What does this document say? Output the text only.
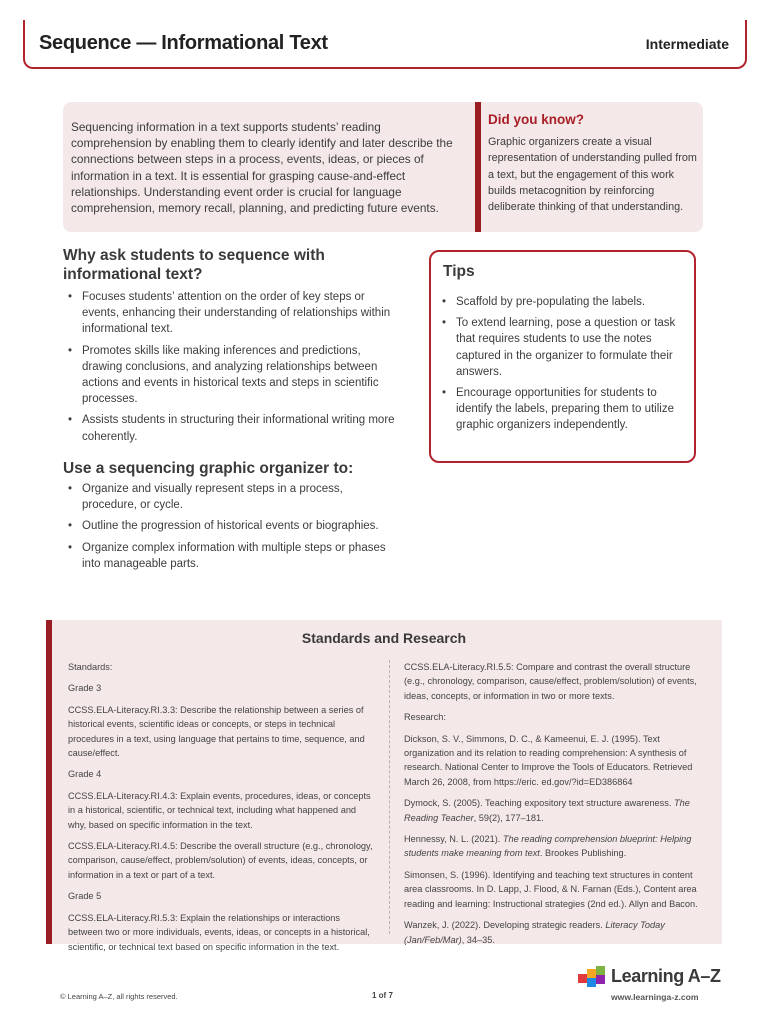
Sequence — Informational Text	Intermediate

Sequencing information in a text supports students’ reading comprehension by enabling them to clearly identify and later describe the connections between steps in a process, events, ideas, or pieces of information in a text. It is essential for grasping cause-and-effect relationships. Understanding event order is crucial for language comprehension, memory recall, planning, and predicting future events.

Did you know?

Graphic organizers create a visual representation of understanding pulled from a text, but the engagement of this work builds metacognition by reinforcing deliberate thinking of that understanding.

Why ask students to sequence with informational text?
• Focuses students’ attention on the order of key steps or events, enhancing their understanding of relationships within informational text.
• Promotes skills like making inferences and predictions, drawing conclusions, and analyzing relationships between actions and events in historical texts and steps in scientific processes.
• Assists students in structuring their informational writing more coherently.
Use a sequencing graphic organizer to:
• Organize and visually represent steps in a process, procedure, or cycle.
• Outline the progression of historical events or biographies.
• Organize complex information with multiple steps or phases into manageable parts.
Tips
• Scaffold by pre-populating the labels.
• To extend learning, pose a question or task that requires students to use the notes captured in the organizer to formulate their answers.
• Encourage opportunities for students to identify the labels, preparing them to utilize graphic organizers independently.
Standards and Research

Standards:

Grade 3

CCSS.ELA-Literacy.RI.3.3: Describe the relationship between a series of historical events, scientific ideas or concepts, or steps in technical procedures in a text, using language that pertains to time, sequence, and cause/effect.

Grade 4

CCSS.ELA-Literacy.RI.4.3: Explain events, procedures, ideas, or concepts in a historical, scientific, or technical text, including what happened and why, based on specific information in the text.

CCSS.ELA-Literacy.RI.4.5: Describe the overall structure (e.g., chronology, comparison, cause/effect, problem/solution) of events, ideas, concepts, or information in a text or part of a text.

Grade 5

CCSS.ELA-Literacy.RI.5.3: Explain the relationships or interactions between two or more individuals, events, ideas, or concepts in a historical, scientific, or technical text based on specific information in the text.

CCSS.ELA-Literacy.RI.5.5: Compare and contrast the overall structure (e.g., chronology, comparison, cause/effect, problem/solution) of events, ideas, concepts, or information in two or more texts.

Research:

Dickson, S. V., Simmons, D. C., & Kameenui, E. J. (1995). Text organization and its relation to reading comprehension: A synthesis of research. National Center to Improve the Tools of Educators. Retrieved March 26, 2008, from https://eric. ed.gov/?id=ED386864

Dymock, S. (2005). Teaching expository text structure awareness. The Reading Teacher, 59(2), 177–181.

Hennessy, N. L. (2021). The reading comprehension blueprint: Helping students make meaning from text. Brookes Publishing.

Simonsen, S. (1996). Identifying and teaching text structures in content area classrooms. In D. Lapp, J. Flood, & N. Farnan (Eds.), Content area reading and learning: Instructional strategies (2nd ed.). Allyn and Bacon.

Wanzek, J. (2022). Developing strategic readers. Literacy Today (Jan/Feb/Mar), 34–35.

© Learning A–Z, all rights reserved.	1 of 7
Learning A–Z
www.learninga-z.com
